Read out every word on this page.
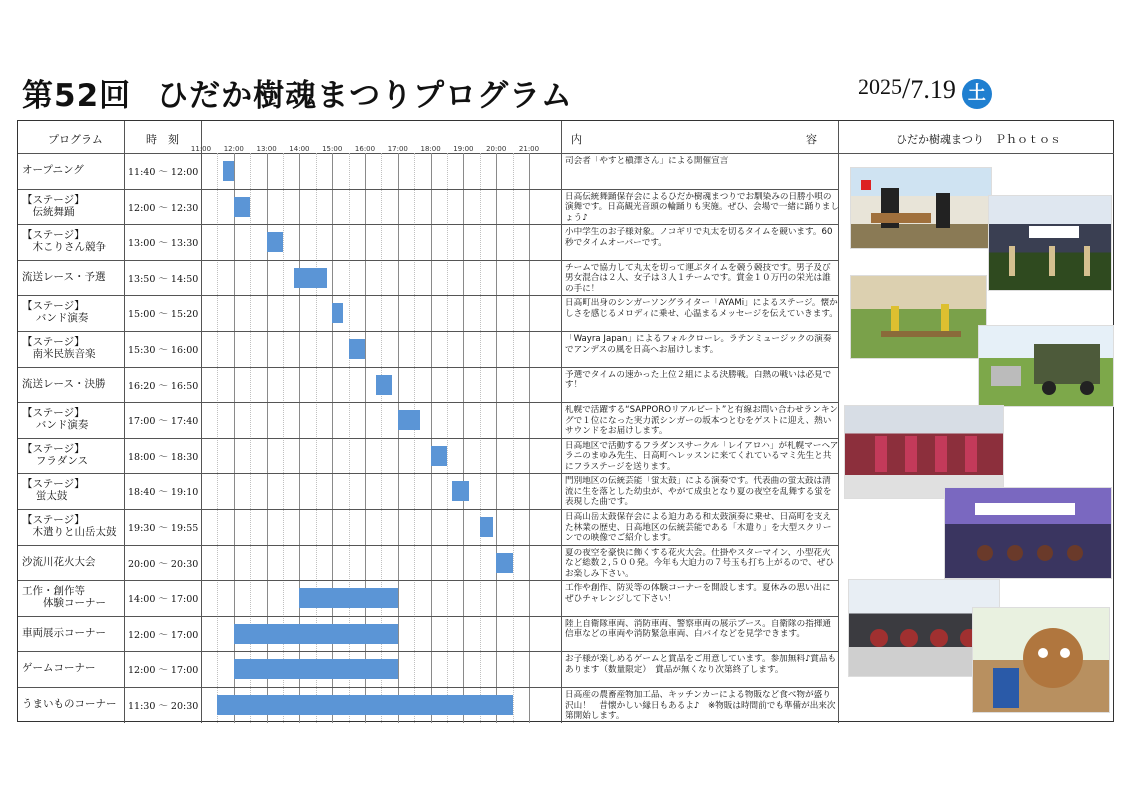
第52回 ひだか樹魂まつりプログラム	2025/7.19 土
プログラム	時　刻	内	容	ひだか樹魂まつり　Ｐｈｏｔｏｓ
11:00 12:00 13:00 14:00 15:00 16:00 17:00 18:00 19:00 20:00 21:00
オープニング	11:40 ～ 12:00
司会者「やすと槇澤さん」による開催宣言
【ステージ】
　伝統舞踊	12:00 ～ 12:30
日高伝統舞踊保存会によるひだか樹魂まつりでお馴染みの日勝小唄の演舞です。日高観光音頭の輪踊りも実施。ぜひ、会場で一緒に踊りましょう♪
【ステージ】
　木こりさん競争 13:00 ～ 13:30
小中学生のお子様対象。ノコギリで丸太を切るタイムを競います。60秒でタイムオーバーです。
流送レース・予選 13:50 ～ 14:50
チームで協力して丸太を切って運ぶタイムを競う競技です。男子及び男女混合は２人、女子は３人１チームです。賞金１０万円の栄光は誰の手に！
【ステージ】
　 バンド演奏	15:00 ～ 15:20
日高町出身のシンガーソングライター「AYAMi」によるステージ。懐かしさを感じるメロディに乗せ、心温まるメッセージを伝えていきます。
【ステージ】
　南米民族音楽	15:30 ～ 16:00
「Wayra Japan」によるフォルクローレ。ラテンミュージックの演奏でアンデスの風を日高へお届けします。
流送レース・決勝 16:20 ～ 16:50
予選でタイムの速かった上位２組による決勝戦。白熱の戦いは必見です！
【ステージ】
　 バンド演奏	17:00 ～ 17:40
札幌で活躍する“SAPPOROリアルビート”と有線お問い合わせランキングで１位になった実力派シンガーの坂本つとむをゲストに迎え、熱いサウンドをお届けします。
【ステージ】
　 フラダンス	18:00 ～ 18:30
日高地区で活動するフラダンスサークル「レイアロハ」が札幌マーヘアラニのまゆみ先生、日高町へレッスンに来てくれているマミ先生と共にフラステージを送ります。
【ステージ】
　 蛍太鼓	18:40 ～ 19:10
門別地区の伝統芸能「蛍太鼓」による演奏です。代表曲の蛍太鼓は清流に生を落とした幼虫が、やがて成虫となり夏の夜空を乱舞する蛍を表現した曲です。
【ステージ】
　木遣りと山岳太鼓 19:30 ～ 19:55
日高山岳太鼓保存会による迫力ある和太鼓演奏に乗せ、日高町を支えた林業の歴史、日高地区の伝統芸能である「木遣り」を大型スクリーンでの映像でご紹介します。
沙流川花火大会	20:00 ～ 20:30
夏の夜空を豪快に飾くする花火大会。仕掛やスターマイン、小型花火など総数２,５００発。今年も大迫力の７号玉も打ち上がるので、ぜひお楽しみ下さい。
工作・創作等
　　体験コーナー 14:00 ～ 17:00
工作や創作、防災等の体験コーナーを開設します。夏休みの思い出にぜひチャレンジして下さい！
車両展示コーナー 12:00 ～ 17:00
陸上自衛隊車両、消防車両、警察車両の展示ブース。自衛隊の指揮通信車などの車両や消防緊急車両、白バイなどを見学できます。
ゲームコーナー	12:00 ～ 17:00
お子様が楽しめるゲームと賞品をご用意しています。参加無料♪賞品もあります（数量限定）　賞品が無くなり次第終了します。
うまいものコーナー 11:30 ～ 20:30
日高産の農畜産物加工品、キッチンカーによる物販など食べ物が盛り沢山！　昔懐かしい縁日もあるよ♪　※物販は時間前でも準備が出来次第開始します。
